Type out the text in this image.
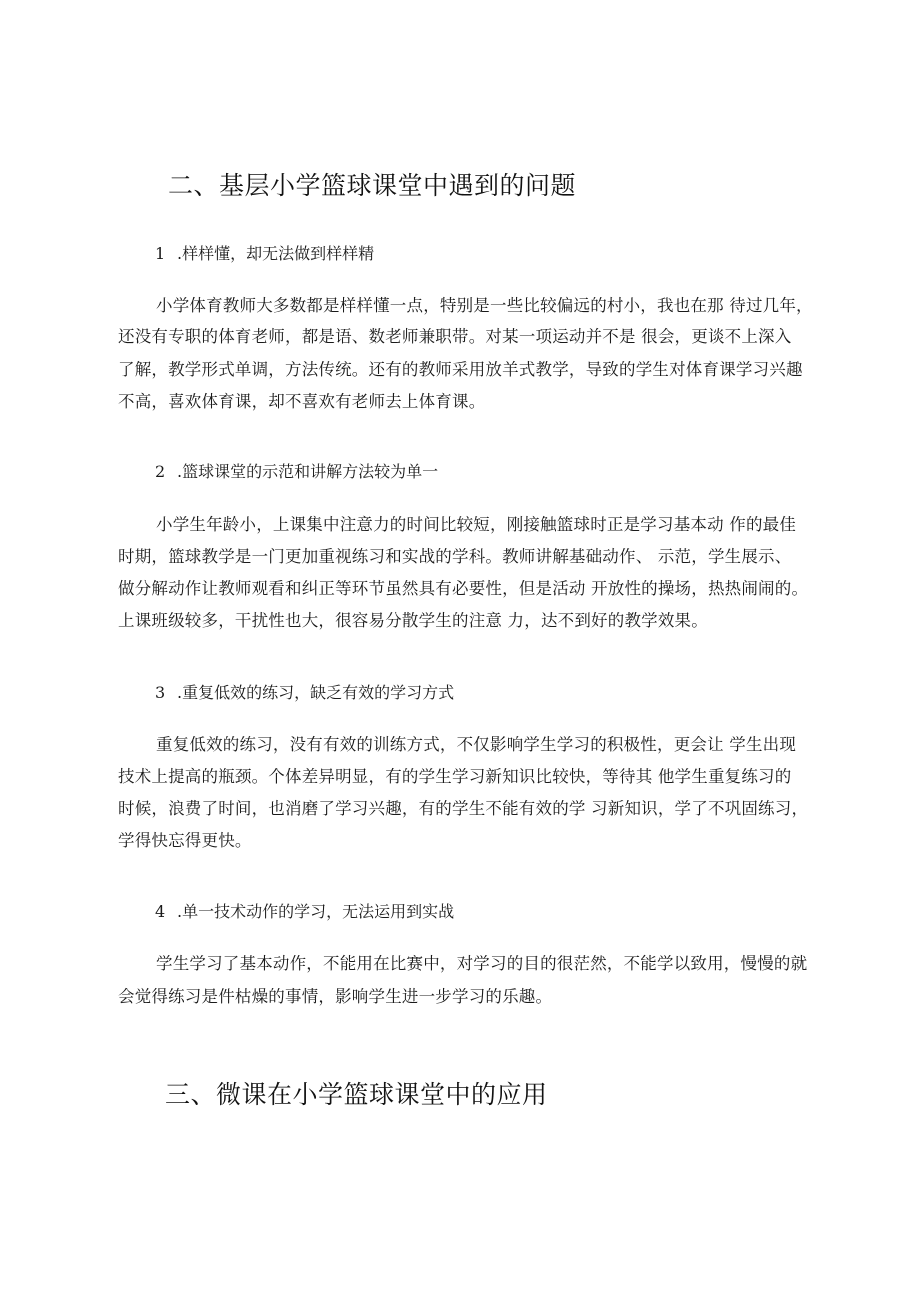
二、基层小学篮球课堂中遇到的问题
1 .样样懂，却无法做到样样精
小学体育教师大多数都是样样懂一点，特别是一些比较偏远的村小，我也在那 待过几年，
还没有专职的体育老师，都是语、数老师兼职带。对某一项运动并不是 很会，更谈不上深入
了解，教学形式单调，方法传统。还有的教师采用放羊式教学，导致的学生对体育课学习兴趣
不高，喜欢体育课，却不喜欢有老师去上体育课。
2 .篮球课堂的示范和讲解方法较为单一
小学生年龄小，上课集中注意力的时间比较短，刚接触篮球时正是学习基本动 作的最佳
时期，篮球教学是一门更加重视练习和实战的学科。教师讲解基础动作、 示范，学生展示、
做分解动作让教师观看和纠正等环节虽然具有必要性，但是活动 开放性的操场，热热闹闹的。
上课班级较多，干扰性也大，很容易分散学生的注意 力，达不到好的教学效果。
3 .重复低效的练习，缺乏有效的学习方式
重复低效的练习，没有有效的训练方式，不仅影响学生学习的积极性，更会让 学生出现
技术上提高的瓶颈。个体差异明显，有的学生学习新知识比较快，等待其 他学生重复练习的
时候，浪费了时间，也消磨了学习兴趣，有的学生不能有效的学 习新知识，学了不巩固练习，
学得快忘得更快。
4 .单一技术动作的学习，无法运用到实战
学生学习了基本动作，不能用在比赛中，对学习的目的很茫然，不能学以致用，慢慢的就
会觉得练习是件枯燥的事情，影响学生进一步学习的乐趣。
三、微课在小学篮球课堂中的应用
